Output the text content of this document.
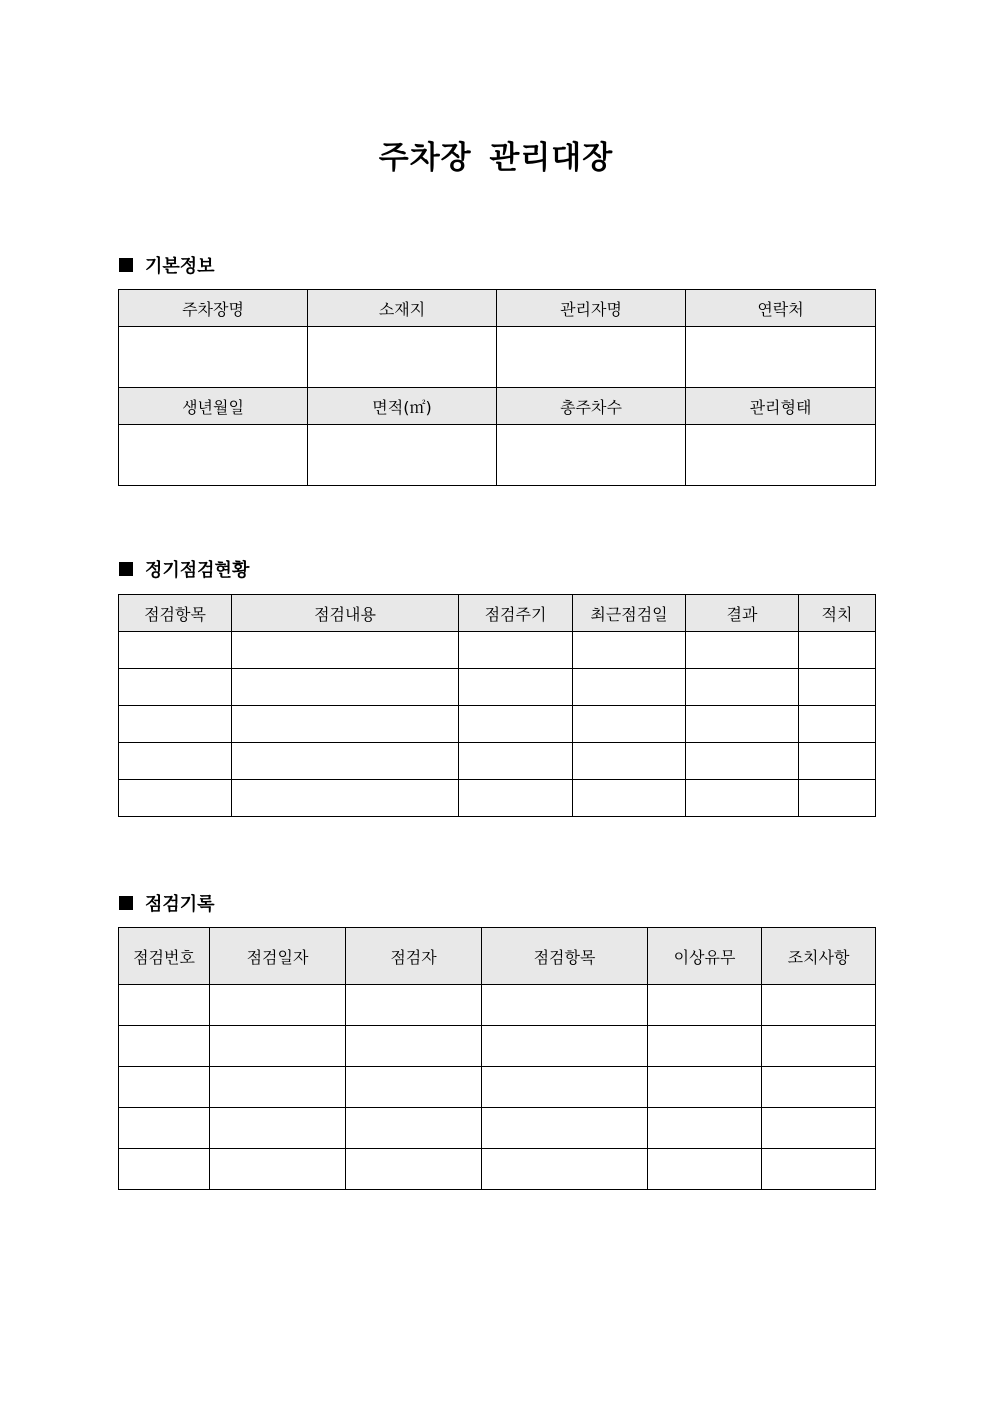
주차장 관리대장
기본정보
주차장명	소재지	관리자명	연락처

생년월일	면적(㎡)	총주차수	관리형태

정기점검현황
점검항목	점검내용	점검주기	최근점검일	결과	적치

점검기록
점검번호	점검일자	점검자	점검항목	이상유무	조치사항
